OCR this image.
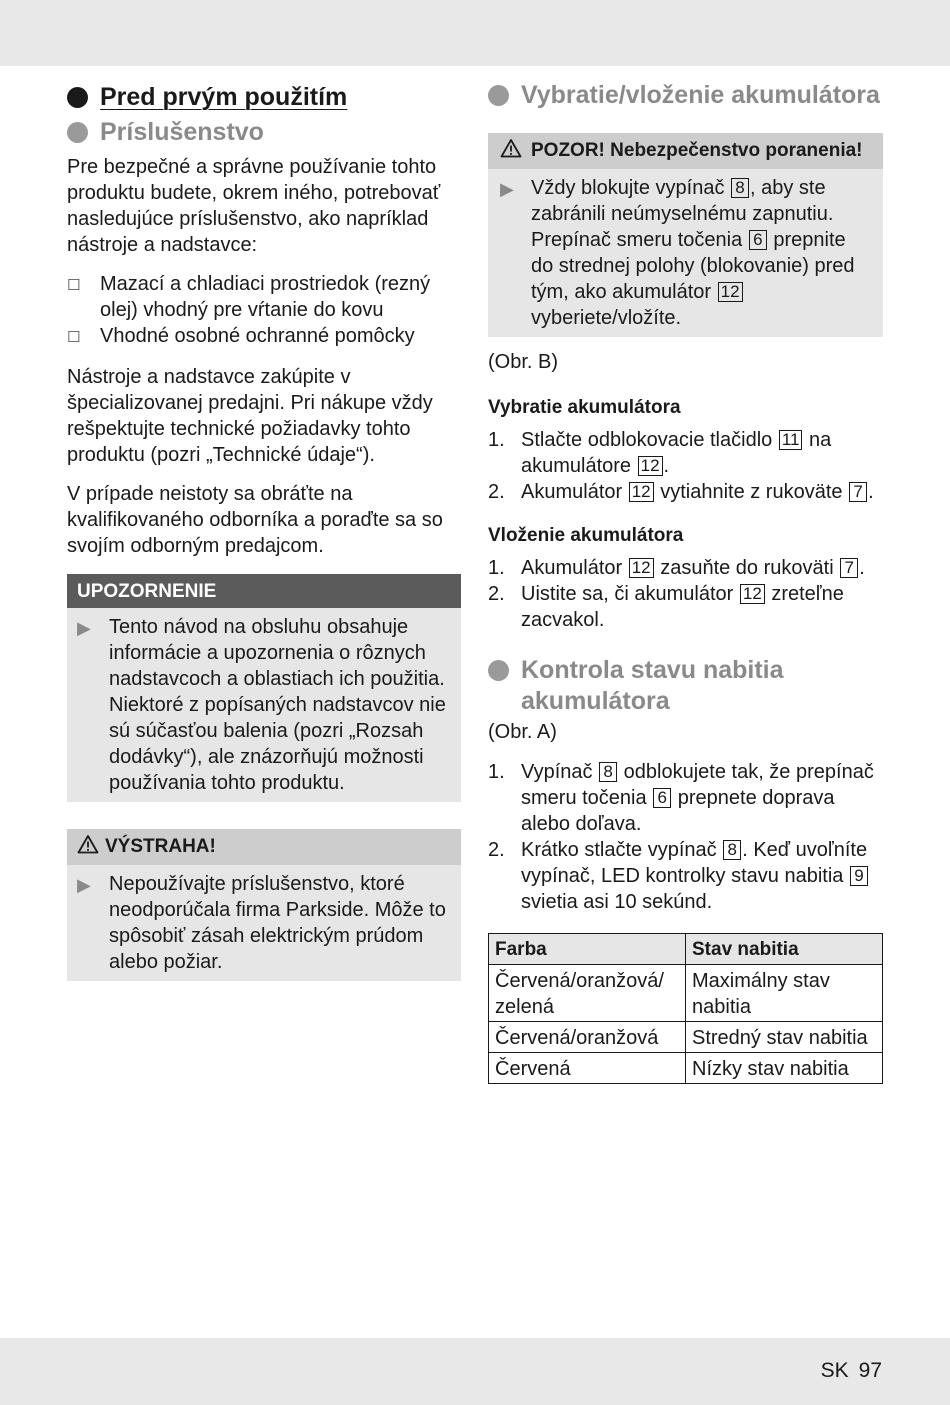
Pred prvým použitím
Príslušenstvo

Pre bezpečné a správne používanie tohto produktu budete, okrem iného, potrebovať nasledujúce príslušenstvo, ako napríklad nástroje a nadstavce:

☐ Mazací a chladiaci prostriedok (rezný olej) vhodný pre vŕtanie do kovu
☐ Vhodné osobné ochranné pomôcky

Nástroje a nadstavce zakúpite v špecializovanej predajni. Pri nákupe vždy rešpektujte technické požiadavky tohto produktu (pozri „Technické údaje“).

V prípade neistoty sa obráťte na kvalifikovaného odborníka a poraďte sa so svojím odborným predajcom.

UPOZORNENIE
▶ Tento návod na obsluhu obsahuje informácie a upozornenia o rôznych nadstavcoch a oblastiach ich použitia. Niektoré z popísaných nadstavcov nie sú súčasťou balenia (pozri „Rozsah dodávky“), ale znázorňujú možnosti používania tohto produktu.
VÝSTRAHA!
▶ Nepoužívajte príslušenstvo, ktoré neodporúčala firma Parkside. Môže to spôsobiť zásah elektrickým prúdom alebo požiar.
Vybratie/vloženie akumulátora
POZOR! Nebezpečenstvo poranenia!
▶ Vždy blokujte vypínač 8 , aby ste zabránili neúmyselnému zapnutiu. Prepínač smeru točenia 6 prepnite do strednej polohy (blokovanie) pred tým, ako akumulátor 12 vyberiete/vložíte.

(Obr. B)

Vybratie akumulátora

1. Stlačte odblokovacie tlačidlo 11 na akumulátore 12 .
2. Akumulátor 12 vytiahnite z rukoväte 7 .

Vloženie akumulátora

1. Akumulátor 12 zasuňte do rukoväti 7 .
2. Uistite sa, či akumulátor 12 zreteľne zacvakol.
Kontrola stavu nabitia akumulátora

(Obr. A)

1. Vypínač 8 odblokujete tak, že prepínač smeru točenia 6 prepnete doprava alebo doľava.
2. Krátko stlačte vypínač 8 . Keď uvoľníte vypínač, LED kontrolky stavu nabitia 9 svietia asi 10 sekúnd.
Farba	Stav nabitia
Červená/oranžová/ zelená	Maximálny stav nabitia
Červená/oranžová	Stredný stav nabitia
Červená	Nízky stav nabitia
SK 97
